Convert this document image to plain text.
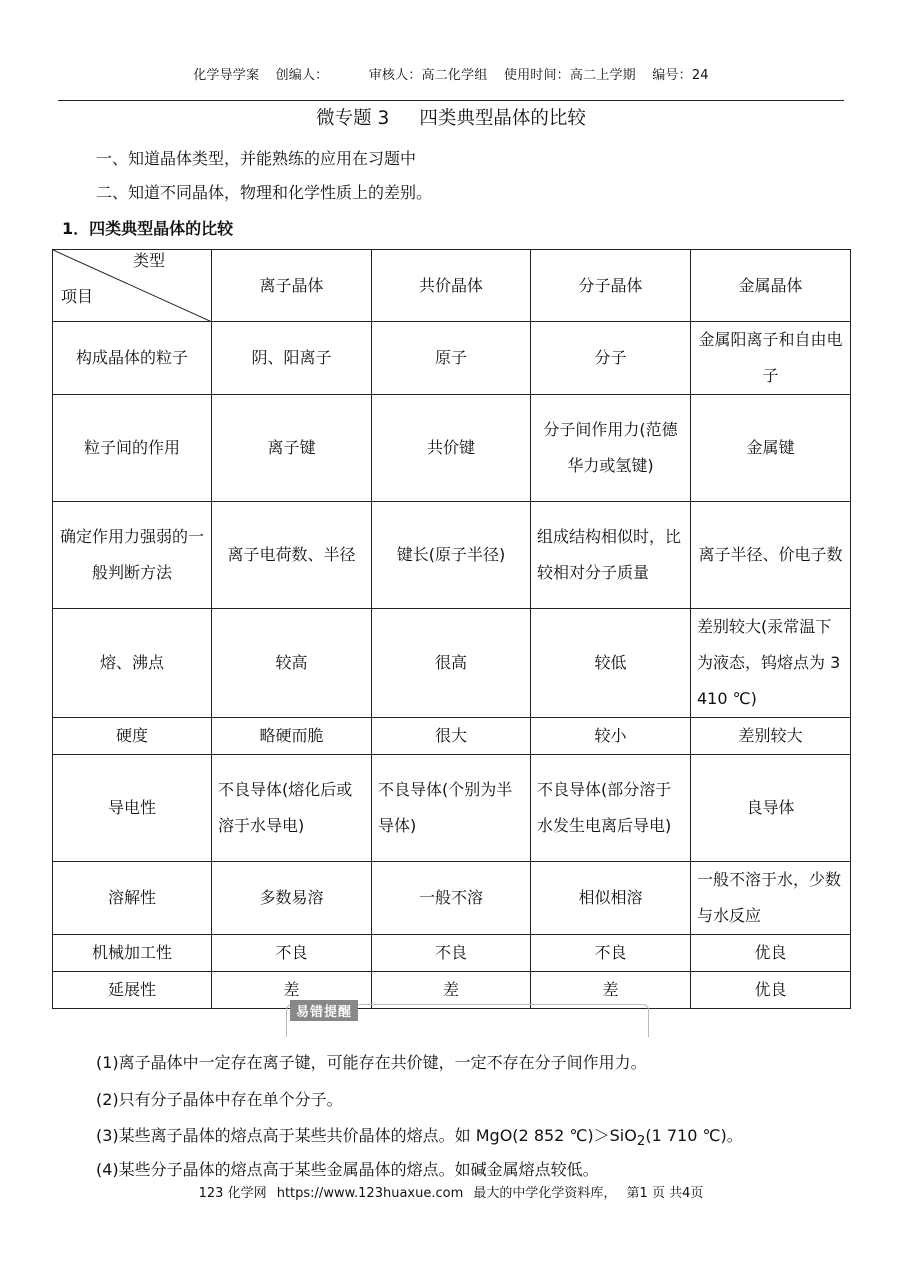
化学导学案 创编人：	审核人：高二化学组 使用时间：高二上学期 编号：24
微专题 3 四类典型晶体的比较
一、知道晶体类型，并能熟练的应用在习题中
二、知道不同晶体，物理和化学性质上的差别。
1．四类典型晶体的比较
类型
项目	离子晶体	共价晶体	分子晶体	金属晶体
构成晶体的粒子	阴、阳离子	原子	分子	金属阳离子和自由电子
粒子间的作用	离子键	共价键	分子间作用力(范德华力或氢键)	金属键
确定作用力强弱的一般判断方法	离子电荷数、半径	键长(原子半径)	组成结构相似时，比较相对分子质量	离子半径、价电子数
熔、沸点	较高	很高	较低	差别较大(汞常温下为液态，钨熔点为 3 410 ℃)
硬度	略硬而脆	很大	较小	差别较大
导电性	不良导体(熔化后或溶于水导电)	不良导体(个别为半导体)	不良导体(部分溶于水发生电离后导电)	良导体
溶解性	多数易溶	一般不溶	相似相溶	一般不溶于水，少数与水反应
机械加工性	不良	不良	不良	优良
延展性	差	差	差	优良
易错提醒
(1)离子晶体中一定存在离子键，可能存在共价键，一定不存在分子间作用力。
(2)只有分子晶体中存在单个分子。
(3)某些离子晶体的熔点高于某些共价晶体的熔点。如 MgO(2 852 ℃)＞SiO$_2$(1 710 ℃)。
(4)某些分子晶体的熔点高于某些金属晶体的熔点。如碱金属熔点较低。
123 化学网 https://www.123huaxue.com 最大的中学化学资料库， 第1 页 共4页
